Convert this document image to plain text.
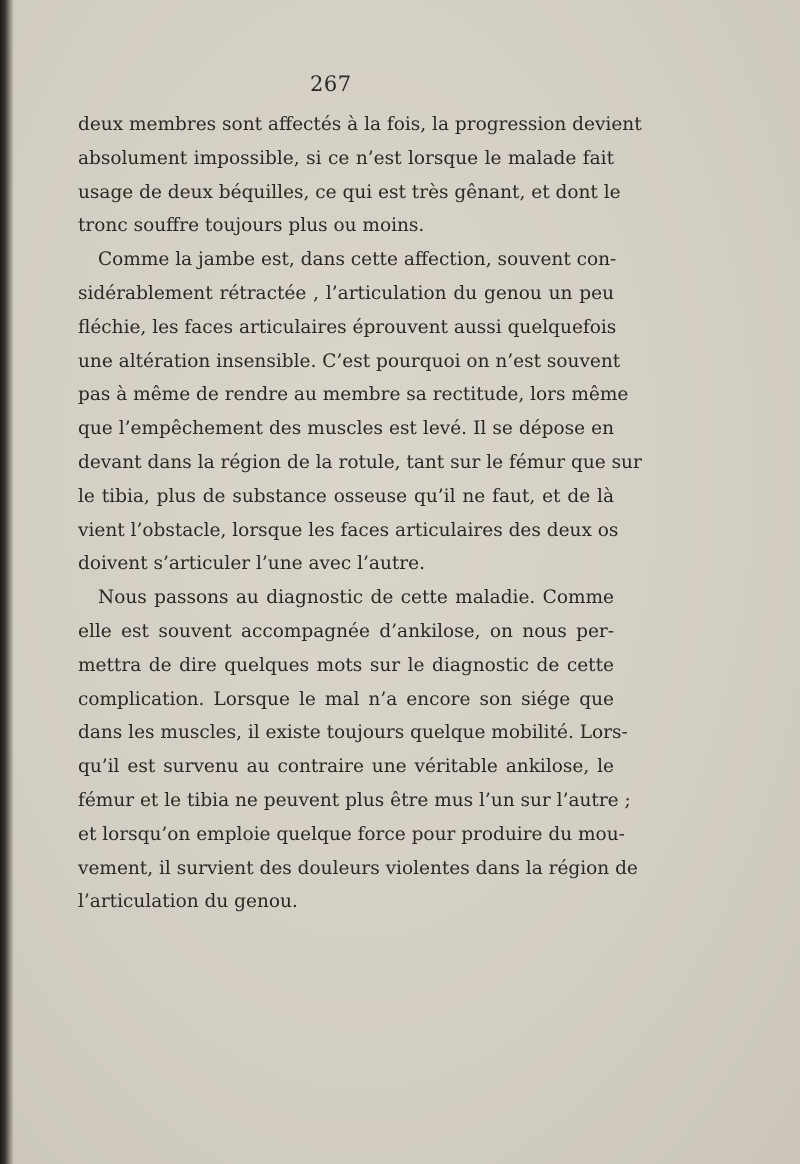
267
deux membres sont affectés à la fois, la progression devient
absolument impossible, si ce n’est lorsque le malade fait
usage de deux béquilles, ce qui est très gênant, et dont le
tronc souffre toujours plus ou moins.
Comme la jambe est, dans cette affection, souvent con-
sidérablement rétractée , l’articulation du genou un peu
fléchie, les faces articulaires éprouvent aussi quelquefois
une altération insensible. C’est pourquoi on n’est souvent
pas à même de rendre au membre sa rectitude, lors même
que l’empêchement des muscles est levé. Il se dépose en
devant dans la région de la rotule, tant sur le fémur que sur
le tibia, plus de substance osseuse qu’il ne faut, et de là
vient l’obstacle, lorsque les faces articulaires des deux os
doivent s’articuler l’une avec l’autre.
Nous passons au diagnostic de cette maladie. Comme
elle est souvent accompagnée d’ankilose, on nous per-
mettra de dire quelques mots sur le diagnostic de cette
complication. Lorsque le mal n’a encore son siége que
dans les muscles, il existe toujours quelque mobilité. Lors-
qu’il est survenu au contraire une véritable ankilose, le
fémur et le tibia ne peuvent plus être mus l’un sur l’autre ;
et lorsqu’on emploie quelque force pour produire du mou-
vement, il survient des douleurs violentes dans la région de
l’articulation du genou.
